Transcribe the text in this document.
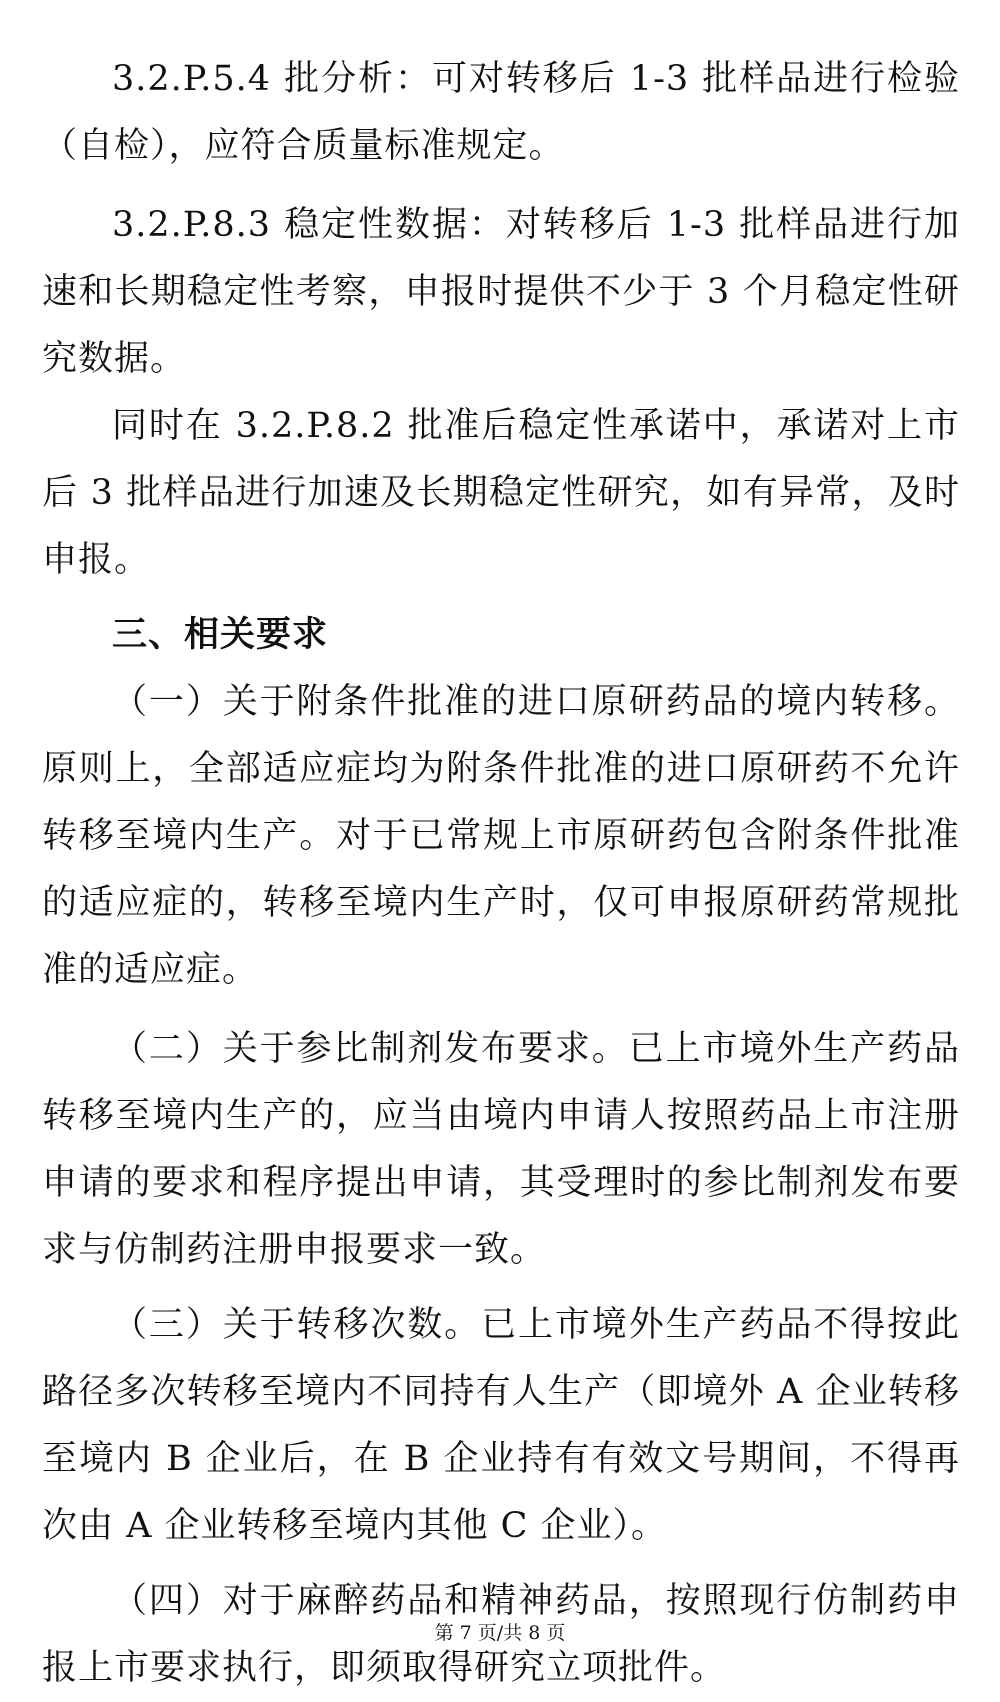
3.2.P.5.4 批分析：可对转移后 1-3 批样品进行检验（自检），应符合质量标准规定。

3.2.P.8.3 稳定性数据：对转移后 1-3 批样品进行加速和长期稳定性考察，申报时提供不少于 3 个月稳定性研究数据。

同时在 3.2.P.8.2 批准后稳定性承诺中，承诺对上市后 3 批样品进行加速及长期稳定性研究，如有异常，及时申报。

三、相关要求

（一）关于附条件批准的进口原研药品的境内转移。原则上，全部适应症均为附条件批准的进口原研药不允许转移至境内生产。对于已常规上市原研药包含附条件批准的适应症的，转移至境内生产时，仅可申报原研药常规批准的适应症。

（二）关于参比制剂发布要求。已上市境外生产药品转移至境内生产的，应当由境内申请人按照药品上市注册申请的要求和程序提出申请，其受理时的参比制剂发布要求与仿制药注册申报要求一致。

（三）关于转移次数。已上市境外生产药品不得按此路径多次转移至境内不同持有人生产（即境外 A 企业转移至境内 B 企业后，在 B 企业持有有效文号期间，不得再次由 A 企业转移至境内其他 C 企业）。

（四）对于麻醉药品和精神药品，按照现行仿制药申报上市要求执行，即须取得研究立项批件。

第 7 页/共 8 页
